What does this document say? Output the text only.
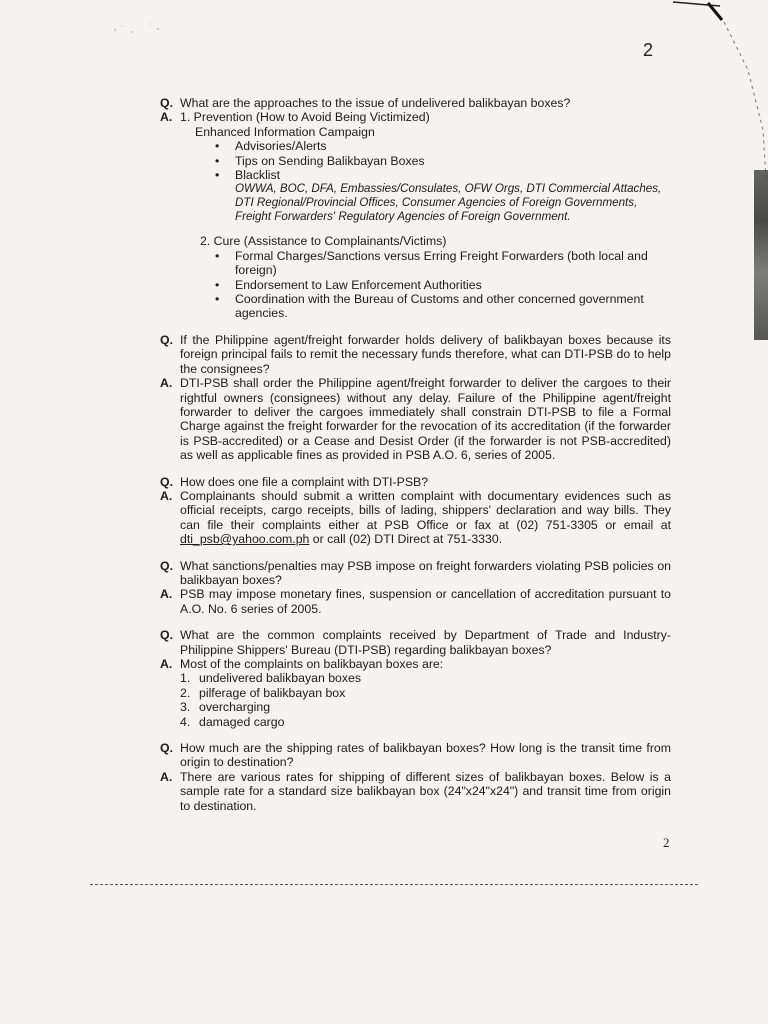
2
Q. What are the approaches to the issue of undelivered balikbayan boxes?
A. 1. Prevention (How to Avoid Being Victimized)
Enhanced Information Campaign
• Advisories/Alerts
• Tips on Sending Balikbayan Boxes
• Blacklist
OWWA, BOC, DFA, Embassies/Consulates, OFW Orgs, DTI Commercial Attaches, DTI Regional/Provincial Offices, Consumer Agencies of Foreign Governments, Freight Forwarders' Regulatory Agencies of Foreign Government.
2. Cure (Assistance to Complainants/Victims)
• Formal Charges/Sanctions versus Erring Freight Forwarders (both local and foreign)
• Endorsement to Law Enforcement Authorities
• Coordination with the Bureau of Customs and other concerned government agencies.
Q. If the Philippine agent/freight forwarder holds delivery of balikbayan boxes because its foreign principal fails to remit the necessary funds therefore, what can DTI-PSB do to help the consignees?
A. DTI-PSB shall order the Philippine agent/freight forwarder to deliver the cargoes to their rightful owners (consignees) without any delay. Failure of the Philippine agent/freight forwarder to deliver the cargoes immediately shall constrain DTI-PSB to file a Formal Charge against the freight forwarder for the revocation of its accreditation (if the forwarder is PSB-accredited) or a Cease and Desist Order (if the forwarder is not PSB-accredited) as well as applicable fines as provided in PSB A.O. 6, series of 2005.
Q. How does one file a complaint with DTI-PSB?
A. Complainants should submit a written complaint with documentary evidences such as official receipts, cargo receipts, bills of lading, shippers' declaration and way bills. They can file their complaints either at PSB Office or fax at (02) 751-3305 or email at dti_psb@yahoo.com.ph or call (02) DTI Direct at 751-3330.
Q. What sanctions/penalties may PSB impose on freight forwarders violating PSB policies on balikbayan boxes?
A. PSB may impose monetary fines, suspension or cancellation of accreditation pursuant to A.O. No. 6 series of 2005.
Q. What are the common complaints received by Department of Trade and Industry-Philippine Shippers' Bureau (DTI-PSB) regarding balikbayan boxes?
A. Most of the complaints on balikbayan boxes are:
1. undelivered balikbayan boxes
2. pilferage of balikbayan box
3. overcharging
4. damaged cargo
Q. How much are the shipping rates of balikbayan boxes? How long is the transit time from origin to destination?
A. There are various rates for shipping of different sizes of balikbayan boxes. Below is a sample rate for a standard size balikbayan box (24"x24"x24") and transit time from origin to destination.
2
